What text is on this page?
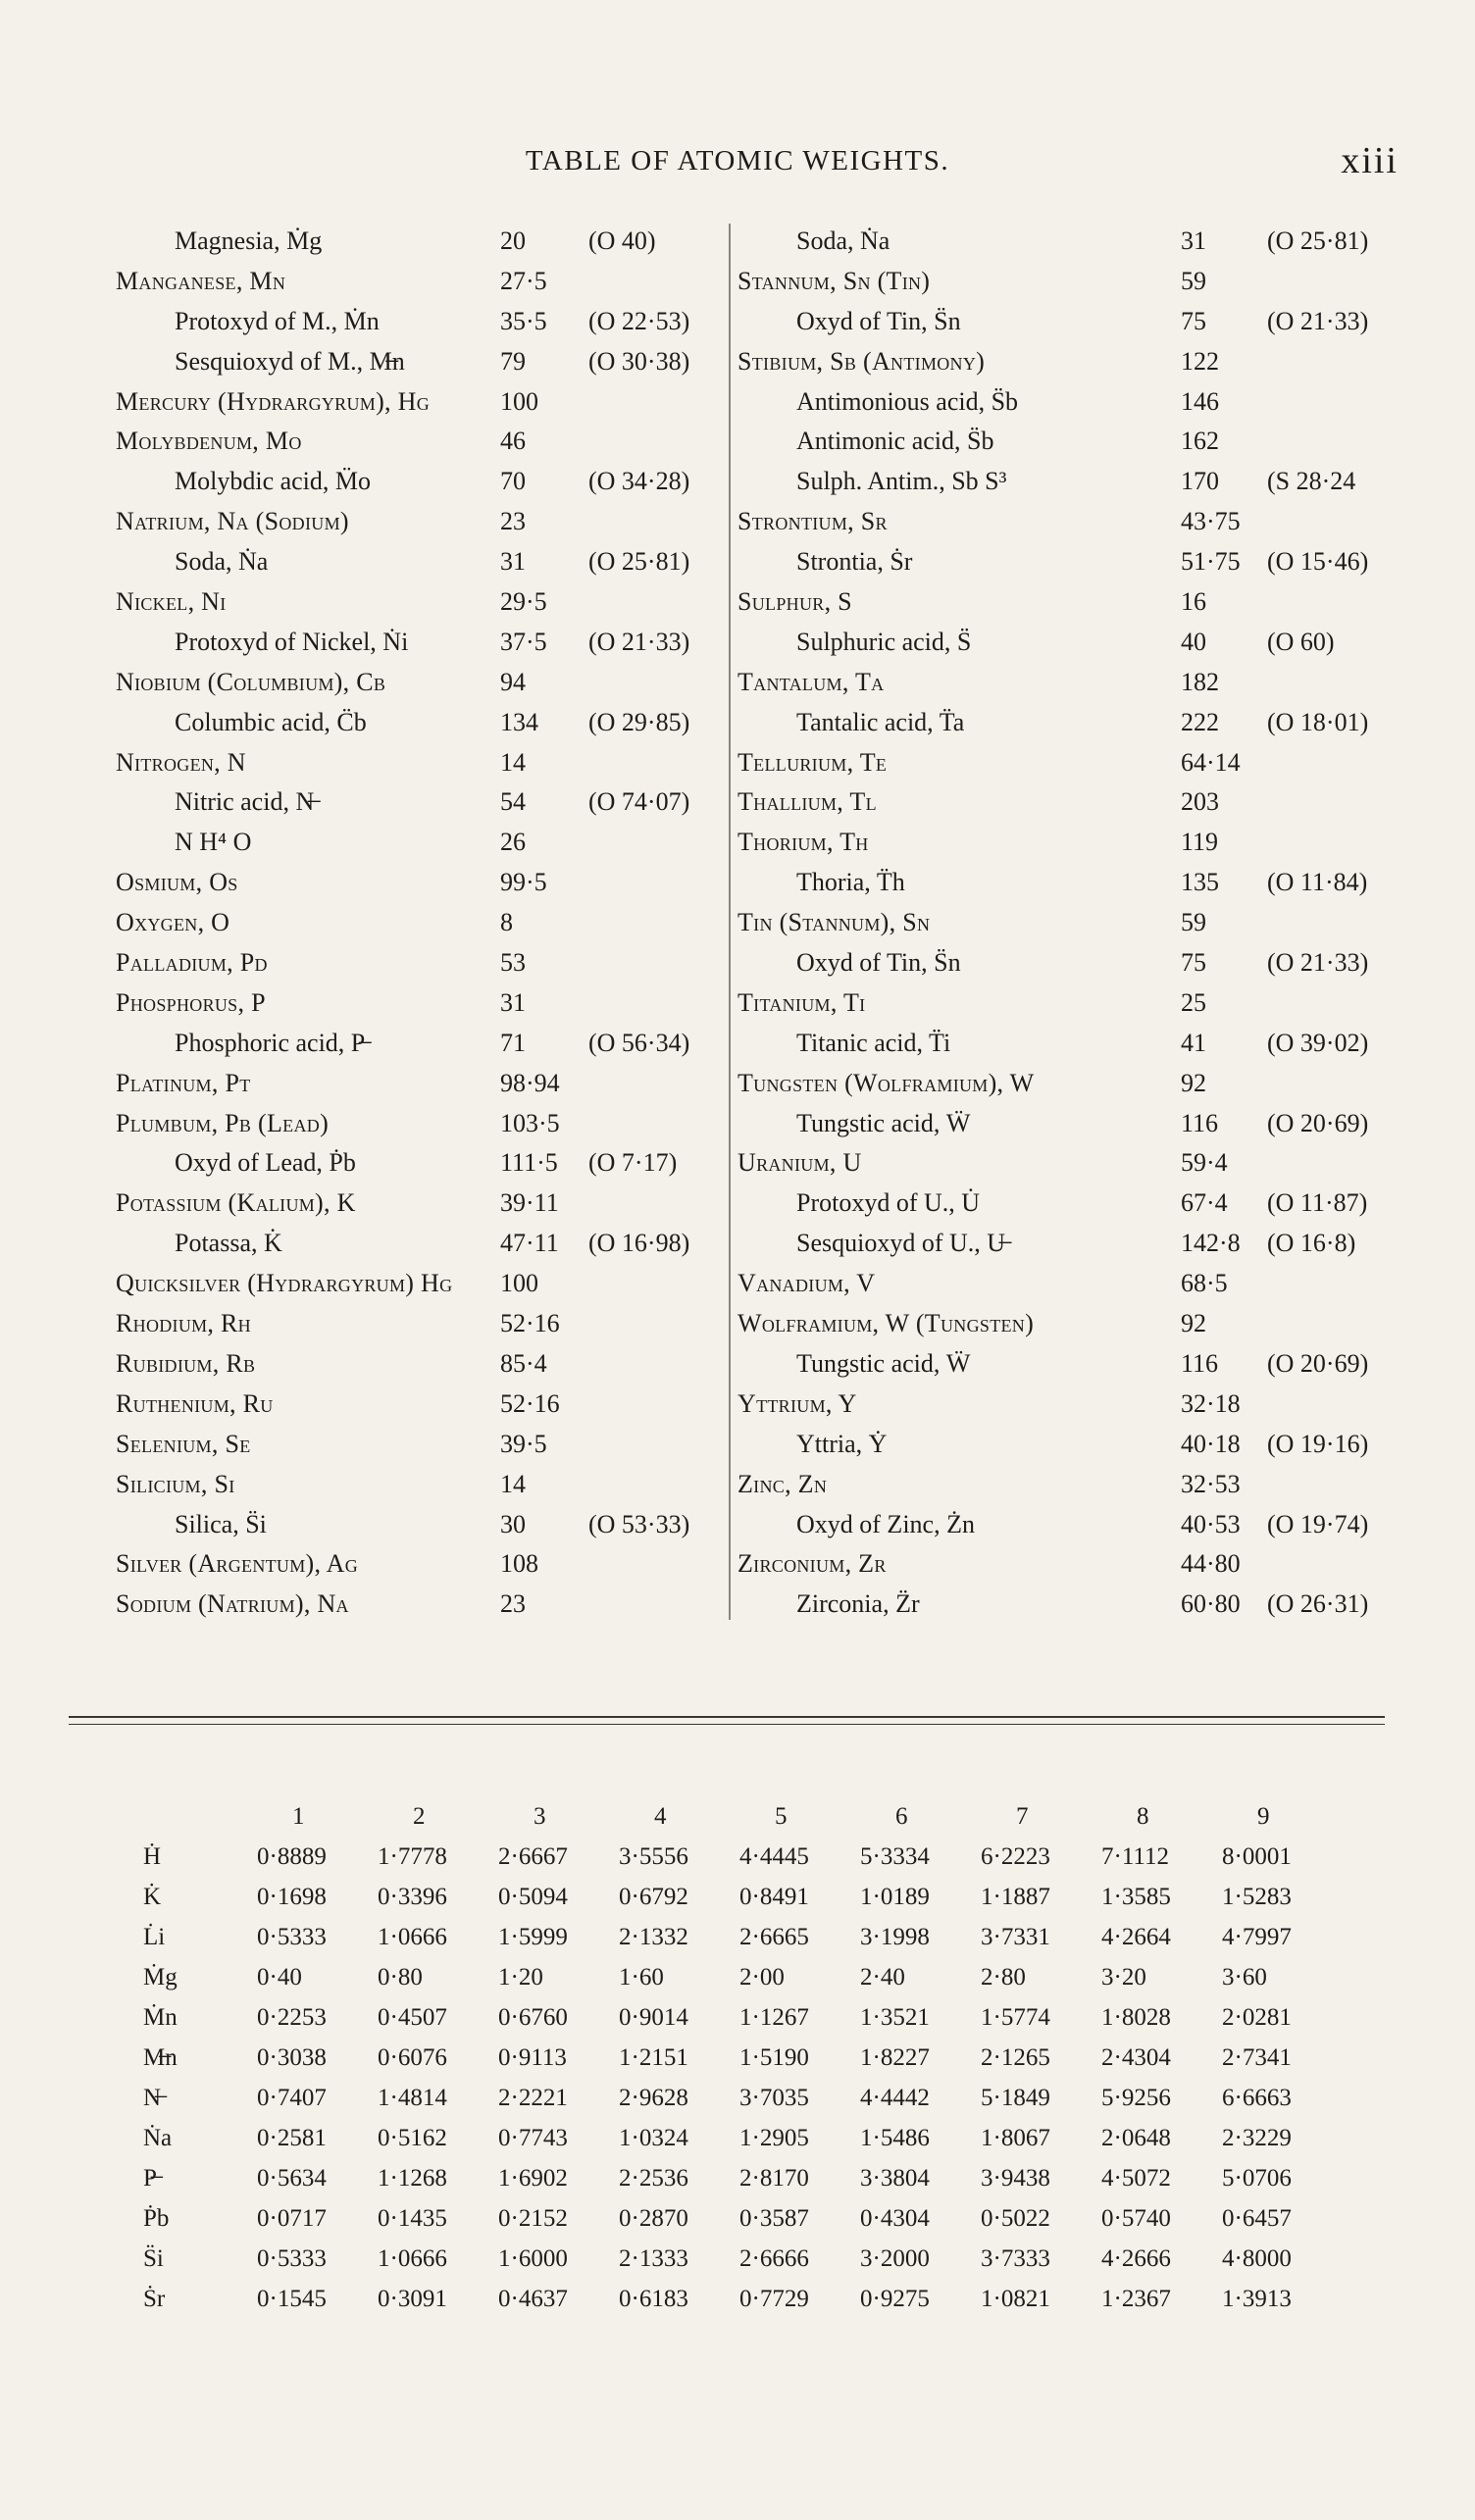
TABLE OF ATOMIC WEIGHTS.	xiii
Magnesia, Ṁg	20 (O 40)
Manganese, Mn	27·5
Protoxyd of M., Ṁn	35·5 (O 22·53)
Sesquioxyd of M., M̶n	79 (O 30·38)
Mercury (Hydrargyrum), Hg	100
Molybdenum, Mo	46
Molybdic acid, M̈o	70 (O 34·28)
Natrium, Na (Sodium)	23
Soda, Ṅa	31 (O 25·81)
Nickel, Ni	29·5
Protoxyd of Nickel, Ṅi	37·5 (O 21·33)
Niobium (Columbium), Cb	94
Columbic acid, C̈b	134 (O 29·85)
Nitrogen, N	14
Nitric acid, N̶	54 (O 74·07)
N H⁴ O	26
Osmium, Os	99·5
Oxygen, O	8
Palladium, Pd	53
Phosphorus, P	31
Phosphoric acid, P̶	71 (O 56·34)
Platinum, Pt	98·94
Plumbum, Pb (Lead)	103·5
Oxyd of Lead, Ṗb	111·5 (O 7·17)
Potassium (Kalium), K	39·11
Potassa, K̇	47·11 (O 16·98)
Quicksilver (Hydrargyrum) Hg 100
Rhodium, Rh	52·16
Rubidium, Rb	85·4
Ruthenium, Ru	52·16
Selenium, Se	39·5
Silicium, Si	14
Silica, S̈i	30 (O 53·33)
Silver (Argentum), Ag	108
Sodium (Natrium), Na	23
Soda, Ṅa	31 (O 25·81)
Stannum, Sn (Tin)	59
Oxyd of Tin, S̈n	75 (O 21·33)
Stibium, Sb (Antimony)	122
Antimonious acid, S̈b	146
Antimonic acid, S̈b	162
Sulph. Antim., Sb S³	170 (S 28·24
Strontium, Sr	43·75
Strontia, Ṡr	51·75 (O 15·46)
Sulphur, S	16
Sulphuric acid, S̈	40 (O 60)
Tantalum, Ta	182
Tantalic acid, T̈a	222 (O 18·01)
Tellurium, Te	64·14
Thallium, Tl	203
Thorium, Th	119
Thoria, T̈h	135 (O 11·84)
Tin (Stannum), Sn	59
Oxyd of Tin, S̈n	75 (O 21·33)
Titanium, Ti	25
Titanic acid, T̈i	41 (O 39·02)
Tungsten (Wolframium), W	92
Tungstic acid, Ẅ	116 (O 20·69)
Uranium, U	59·4
Protoxyd of U., U̇	67·4 (O 11·87)
Sesquioxyd of U., U̶	142·8 (O 16·8)
Vanadium, V	68·5
Wolframium, W (Tungsten)	92
Tungstic acid, Ẅ	116 (O 20·69)
Yttrium, Y	32·18
Yttria, Ẏ	40·18 (O 19·16)
Zinc, Zn	32·53
Oxyd of Zinc, Żn	40·53 (O 19·74)
Zirconium, Zr	44·80
Zirconia, Z̈r	60·80 (O 26·31)
	1	2	3	4	5	6	7	8	9
Ḣ	0·8889	1·7778	2·6667	3·5556	4·4445	5·3334	6·2223	7·1112	8·0001
K̇	0·1698	0·3396	0·5094	0·6792	0·8491	1·0189	1·1887	1·3585	1·5283
L̇i	0·5333	1·0666	1·5999	2·1332	2·6665	3·1998	3·7331	4·2664	4·7997
Ṁg	0·40	0·80	1·20	1·60	2·00	2·40	2·80	3·20	3·60
Ṁn	0·2253	0·4507	0·6760	0·9014	1·1267	1·3521	1·5774	1·8028	2·0281
M̶n	0·3038	0·6076	0·9113	1·2151	1·5190	1·8227	2·1265	2·4304	2·7341
N̶	0·7407	1·4814	2·2221	2·9628	3·7035	4·4442	5·1849	5·9256	6·6663
Ṅa	0·2581	0·5162	0·7743	1·0324	1·2905	1·5486	1·8067	2·0648	2·3229
P̶	0·5634	1·1268	1·6902	2·2536	2·8170	3·3804	3·9438	4·5072	5·0706
Ṗb	0·0717	0·1435	0·2152	0·2870	0·3587	0·4304	0·5022	0·5740	0·6457
S̈i	0·5333	1·0666	1·6000	2·1333	2·6666	3·2000	3·7333	4·2666	4·8000
Ṡr	0·1545	0·3091	0·4637	0·6183	0·7729	0·9275	1·0821	1·2367	1·3913
